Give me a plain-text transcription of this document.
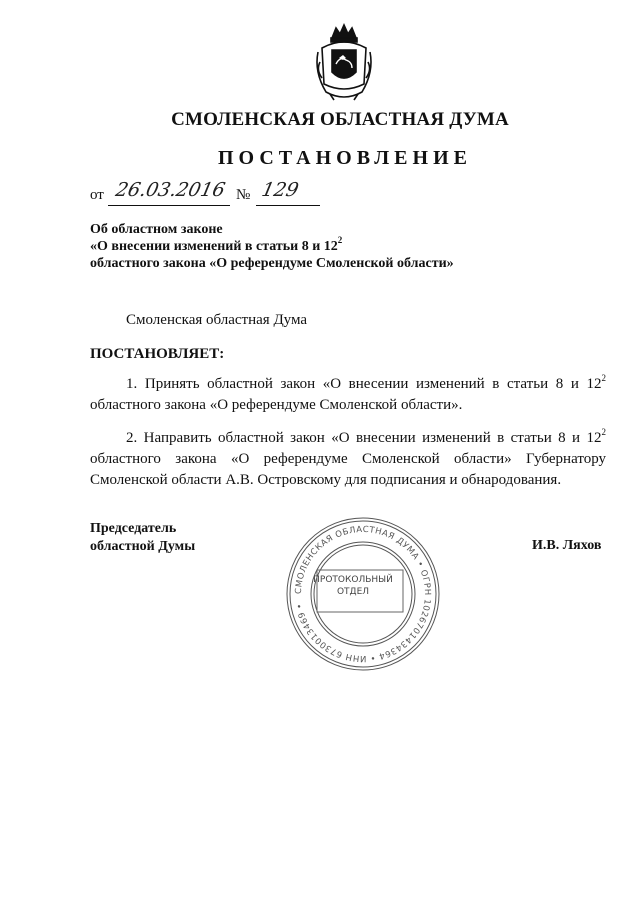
СМОЛЕНСКАЯ ОБЛАСТНАЯ ДУМА
ПОСТАНОВЛЕНИЕ
от 26.03.2016 № 129
Об областном законе
«О внесении изменений в статьи 8 и $12^2$
областного закона «О референдуме Смоленской области»
Смоленская областная Дума
ПОСТАНОВЛЯЕТ:
1. Принять областной закон «О внесении изменений в статьи 8 и $12^2$
областного закона «О референдуме Смоленской области».
2. Направить областной закон «О внесении изменений в статьи 8 и $12^2$
областного закона «О референдуме Смоленской области» Губернатору Смоленской области А.В. Островскому для подписания и обнародования.
Председатель
областной Думы	И.В. Ляхов
СМОЛЕНСКАЯ ОБЛАСТНАЯ ДУМА • ОГРН 1026701434364 • ИНН 6730013469 •
ПРОТОКОЛЬНЫЙ
ОТДЕЛ
